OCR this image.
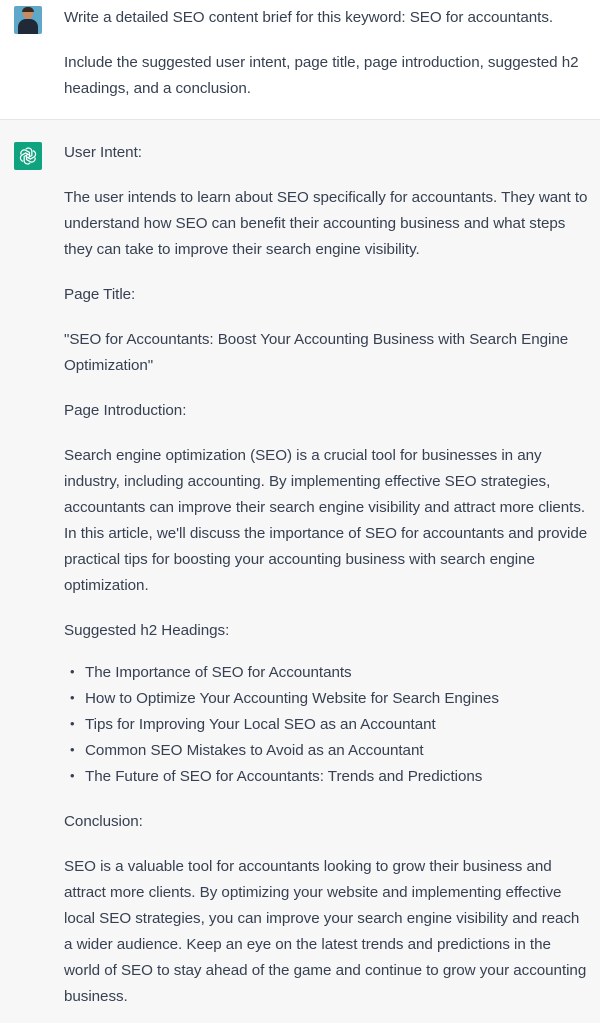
Write a detailed SEO content brief for this keyword: SEO for accountants.

Include the suggested user intent, page title, page introduction, suggested h2 headings, and a conclusion.

User Intent:

The user intends to learn about SEO specifically for accountants. They want to understand how SEO can benefit their accounting business and what steps they can take to improve their search engine visibility.

Page Title:

"SEO for Accountants: Boost Your Accounting Business with Search Engine Optimization"

Page Introduction:

Search engine optimization (SEO) is a crucial tool for businesses in any industry, including accounting. By implementing effective SEO strategies, accountants can improve their search engine visibility and attract more clients. In this article, we'll discuss the importance of SEO for accountants and provide practical tips for boosting your accounting business with search engine optimization.

Suggested h2 Headings:

• The Importance of SEO for Accountants
• How to Optimize Your Accounting Website for Search Engines
• Tips for Improving Your Local SEO as an Accountant
• Common SEO Mistakes to Avoid as an Accountant
• The Future of SEO for Accountants: Trends and Predictions

Conclusion:

SEO is a valuable tool for accountants looking to grow their business and attract more clients. By optimizing your website and implementing effective local SEO strategies, you can improve your search engine visibility and reach a wider audience. Keep an eye on the latest trends and predictions in the world of SEO to stay ahead of the game and continue to grow your accounting business.
